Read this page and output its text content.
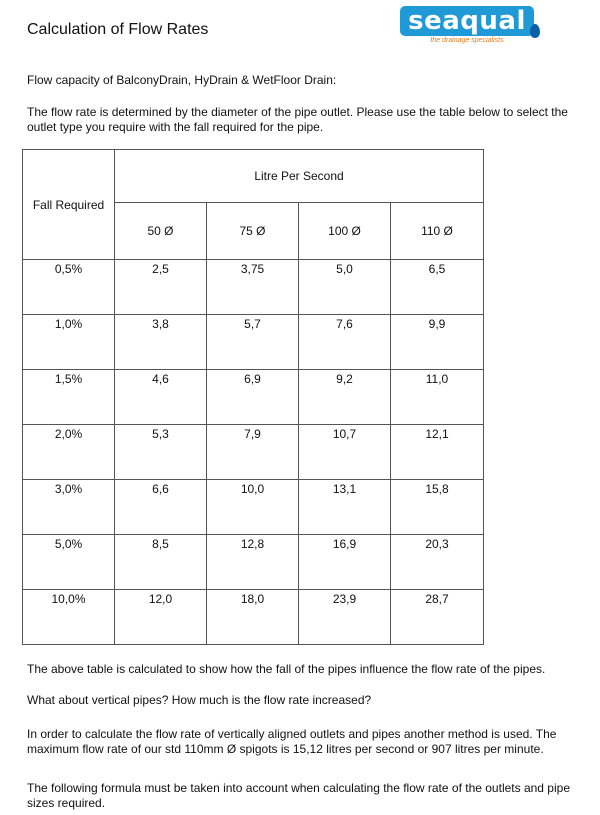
Calculation of Flow Rates	seaqual
the drainage specialists

Flow capacity of BalconyDrain, HyDrain & WetFloor Drain:

The flow rate is determined by the diameter of the pipe outlet. Please use the table below to select the outlet type you require with the fall required for the pipe.

Fall Required	Litre Per Second			
	50 Ø	75 Ø	100 Ø	110 Ø
0,5%	2,5	3,75	5,0	6,5
1,0%	3,8	5,7	7,6	9,9
1,5%	4,6	6,9	9,2	11,0
2,0%	5,3	7,9	10,7	12,1
3,0%	6,6	10,0	13,1	15,8
5,0%	8,5	12,8	16,9	20,3
10,0%	12,0	18,0	23,9	28,7

The above table is calculated to show how the fall of the pipes influence the flow rate of the pipes.

What about vertical pipes? How much is the flow rate increased?

In order to calculate the flow rate of vertically aligned outlets and pipes another method is used. The maximum flow rate of our std 110mm Ø spigots is 15,12 litres per second or 907 litres per minute.

The following formula must be taken into account when calculating the flow rate of the outlets and pipe sizes required.
